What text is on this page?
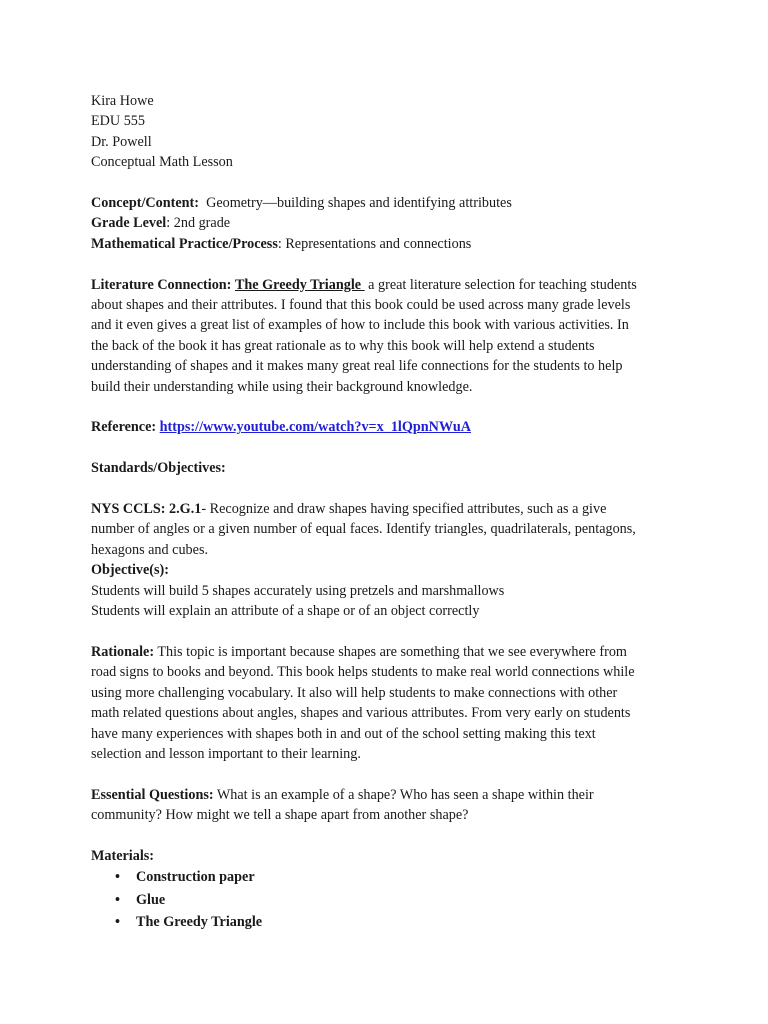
Kira Howe
EDU 555
Dr. Powell
Conceptual Math Lesson
Concept/Content:  Geometry—building shapes and identifying attributes
Grade Level: 2nd grade
Mathematical Practice/Process: Representations and connections
Literature Connection: The Greedy Triangle  a great literature selection for teaching students
about shapes and their attributes. I found that this book could be used across many grade levels
and it even gives a great list of examples of how to include this book with various activities. In
the back of the book it has great rationale as to why this book will help extend a students
understanding of shapes and it makes many great real life connections for the students to help
build their understanding while using their background knowledge.
Reference: https://www.youtube.com/watch?v=x_1lQpnNWuA
Standards/Objectives:
NYS CCLS: 2.G.1- Recognize and draw shapes having specified attributes, such as a give
number of angles or a given number of equal faces. Identify triangles, quadrilaterals, pentagons,
hexagons and cubes.
Objective(s):
Students will build 5 shapes accurately using pretzels and marshmallows
Students will explain an attribute of a shape or of an object correctly
Rationale: This topic is important because shapes are something that we see everywhere from
road signs to books and beyond. This book helps students to make real world connections while
using more challenging vocabulary. It also will help students to make connections with other
math related questions about angles, shapes and various attributes. From very early on students
have many experiences with shapes both in and out of the school setting making this text
selection and lesson important to their learning.
Essential Questions: What is an example of a shape? Who has seen a shape within their
community? How might we tell a shape apart from another shape?
Materials:
• Construction paper
• Glue
• The Greedy Triangle
